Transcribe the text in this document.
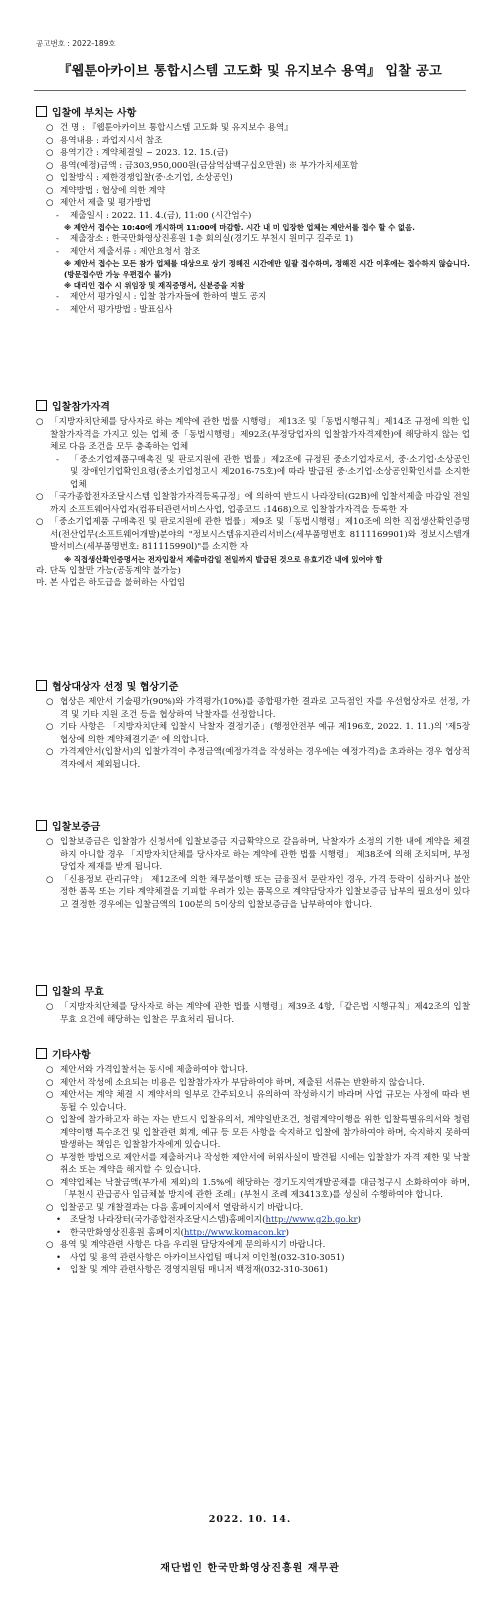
공고번호 : 2022-189호
『웹툰아카이브 통합시스템 고도화 및 유지보수 용역』 입찰 공고

입찰에 부치는 사항

○ 건 명 : 『웹툰아카이브 통합시스템 고도화 및 유지보수 용역』
○ 용역내용 : 과업지시서 참조
○ 용역기간 : 계약체결일 ~ 2023. 12. 15.(금)
○ 용역(예정)금액 : 금303,950,000원(금삼억삼백구십오만원) ※ 부가가치세포함
○ 입찰방식 : 제한경쟁입찰(중·소기업, 소상공인)
○ 계약방법 : 협상에 의한 계약
○ 제안서 제출 및 평가방법
-	제출일시 : 2022. 11. 4.(금), 11:00 (시간엄수)
※ 제안서 접수는 10:40에 개시하며 11:00에 마감함. 시간 내 미 입장한 업체는 제안서를 접수 할 수 없음.
-	제출장소 : 한국만화영상진흥원 1층 회의실(경기도 부천시 원미구 길주로 1)
-	제안서 제출서류 : 제안요청서 참조
※ 제안서 접수는 모든 참가 업체를 대상으로 상기 정해진 시간에만 일괄 접수하며, 정해진 시간 이후에는 접수하지 않습니다. (방문접수만 가능 우편접수 불가)
※ 대리인 접수 시 위임장 및 재직증명서, 신분증을 지참
-	제안서 평가일시 : 입찰 참가자들에 한하여 별도 공지
-	제안서 평가방법 : 발표심사

입찰참가자격

○ 「지방자치단체를 당사자로 하는 계약에 관한 법률 시행령」 제13조 및「동법시행규칙」제14조 규정에 의한 입찰참가자격을 가지고 있는 업체 중「동법시행령」제92조(부정당업자의 입찰참가자격제한)에 해당하지 않는 업체로 다음 조건을 모두 충족하는 업체
-	「중소기업제품구매촉진 및 판로지원에 관한 법률」제2조에 규정된 중소기업자로서, 중·소기업·소상공인 및 장애인기업확인요령(중소기업청고시 제2016-75호)에 따라 발급된 중·소기업·소상공인확인서를 소지한 업체
○ 「국가종합전자조달시스템 입찰참가자격등록규정」에 의하여 반드시 나라장터(G2B)에 입찰서제출 마감일 전일까지 소프트웨어사업자(컴퓨터관련서비스사업, 업종코드 :1468)으로 입찰참가자격을 등록한 자
○ 「중소기업제품 구매촉진 및 판로지원에 관한 법률」제9조 및「동법시행령」제10조에 의한 직접생산확인증명서(전산업무(소프트웨어개발)분야의 "정보시스템유지관리서비스(세부품명번호 8111169901)와 정보시스템개발서비스(세부품명번호: 811115990l)"를 소지한 자
※ 직접생산확인증명서는 전자입찰서 제출마감일 전일까지 발급된 것으로 유효기간 내에 있어야 함

라. 단독 입찰만 가능(공동계약 불가능)

마. 본 사업은 하도급을 불허하는 사업임

협상대상자 선정 및 협상기준

○ 협상은 제안서 기술평가(90%)와 가격평가(10%)를 종합평가한 결과로 고득점인 자를 우선협상자로 선정, 가격 및 기타 지원 조건 등을 협상하여 낙찰자를 선정합니다.
○ 기타 사항은 「지방자치단체 입찰시 낙찰자 결정기준」(행정안전부 예규 제196호, 2022. 1. 11.)의 '제5장 협상에 의한 계약체결기준' 에 의합니다.
○ 가격제안서(입찰서)의 입찰가격이 추정금액(예정가격을 작성하는 경우에는 예정가격)을 초과하는 경우 협상적격자에서 제외됩니다.

입찰보증금

○ 입찰보증금은 입찰참가 신청서에 입찰보증금 지급확약으로 갈음하며, 낙찰자가 소정의 기한 내에 계약을 체결하지 아니할 경우 「지방자치단체를 당사자로 하는 계약에 관한 법률 시행령」 제38조에 의해 조치되며, 부정당업자 제재를 받게 됩니다.
○ 「신용정보 관리규약」 제12조에 의한 채무불이행 또는 금융질서 문란자인 경우, 가격 등락이 심하거나 불안정한 품목 또는 기타 계약체결을 기피할 우려가 있는 품목으로 계약담당자가 입찰보증금 납부의 필요성이 있다고 결정한 경우에는 입찰금액의 100분의 5이상의 입찰보증금을 납부하여야 합니다.

입찰의 무효

○ 「지방자치단체를 당사자로 하는 계약에 관한 법률 시행령」제39조 4항,「같은법 시행규칙」제42조의 입찰무효 요건에 해당하는 입찰은 무효처리 됩니다.

기타사항

○ 제안서와 가격입찰서는 동시에 제출하여야 합니다.
○ 제안서 작성에 소요되는 비용은 입찰참가자가 부담하여야 하며, 제출된 서류는 반환하지 않습니다.
○ 제안서는 계약 체결 시 계약서의 일부로 간주되오니 유의하여 작성하시기 바라며 사업 규모는 사정에 따라 변동될 수 있습니다.
○ 입찰에 참가하고자 하는 자는 반드시 입찰유의서, 계약일반조건, 청렴계약이행을 위한 입찰특별유의서와 청렴계약이행 특수조건 및 입찰관련 회계, 예규 등 모든 사항을 숙지하고 입찰에 참가하여야 하며, 숙지하지 못하여 발생하는 책임은 입찰참가자에게 있습니다.
○ 부정한 방법으로 제안서를 제출하거나 작성한 제안서에 허위사실이 발견될 시에는 입찰참가 자격 제한 및 낙찰 취소 또는 계약을 해지할 수 있습니다.
○ 계약업체는 낙찰금액(부가세 제외)의 1.5%에 해당하는 경기도지역개발공채를 대금청구시 소화하여야 하며, 「부천시 관급공사 임금체불 방지에 관한 조례」(부천시 조례 제3413호)를 성실히 수행하여야 합니다.
○ 입찰공고 및 개찰결과는 다음 홈페이지에서 열람하시기 바랍니다.
•	조달청 나라장터(국가종합전자조달시스템)홈페이지(http://www.g2b.go.kr)
•	한국만화영상진흥원 홈페이지(http://www.komacon.kr)
○ 용역 및 계약관련 사항은 다음 우리원 담당자에게 문의하시기 바랍니다.
•	사업 및 용역 관련사항은 아카이브사업팀 매니저 이인철(032-310-3051)
•	입찰 및 계약 관련사항은 경영지원팀 매니저 백정재(032-310-3061)
2022. 10. 14.
재단법인 한국만화영상진흥원 재무관
